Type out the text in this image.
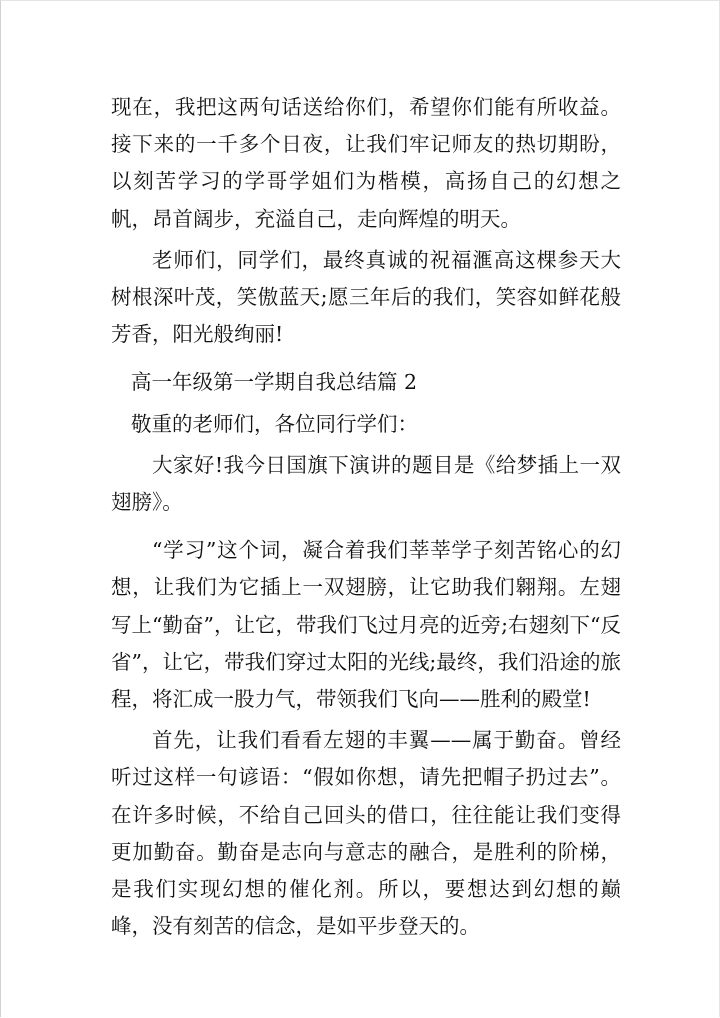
现在，我把这两句话送给你们，希望你们能有所收益。接下来的一千多个日夜，让我们牢记师友的热切期盼，以刻苦学习的学哥学姐们为楷模，高扬自己的幻想之帆，昂首阔步，充溢自己，走向辉煌的明天。

老师们，同学们，最终真诚的祝福滙高这棵参天大树根深叶茂，笑傲蓝天;愿三年后的我们，笑容如鲜花般芳香，阳光般绚丽!

高一年级第一学期自我总结篇 2

敬重的老师们，各位同行学们：

大家好!我今日国旗下演讲的题目是《给梦插上一双翅膀》。

“学习”这个词，凝合着我们莘莘学子刻苦铭心的幻想，让我们为它插上一双翅膀，让它助我们翱翔。左翅写上“勤奋”，让它，带我们飞过月亮的近旁;右翅刻下“反省”，让它，带我们穿过太阳的光线;最终，我们沿途的旅程，将汇成一股力气，带领我们飞向——胜利的殿堂!

首先，让我们看看左翅的丰翼——属于勤奋。曾经听过这样一句谚语：“假如你想，请先把帽子扔过去”。在许多时候，不给自己回头的借口，往往能让我们变得更加勤奋。勤奋是志向与意志的融合，是胜利的阶梯，是我们实现幻想的催化剂。所以，要想达到幻想的巅峰，没有刻苦的信念，是如平步登天的。
